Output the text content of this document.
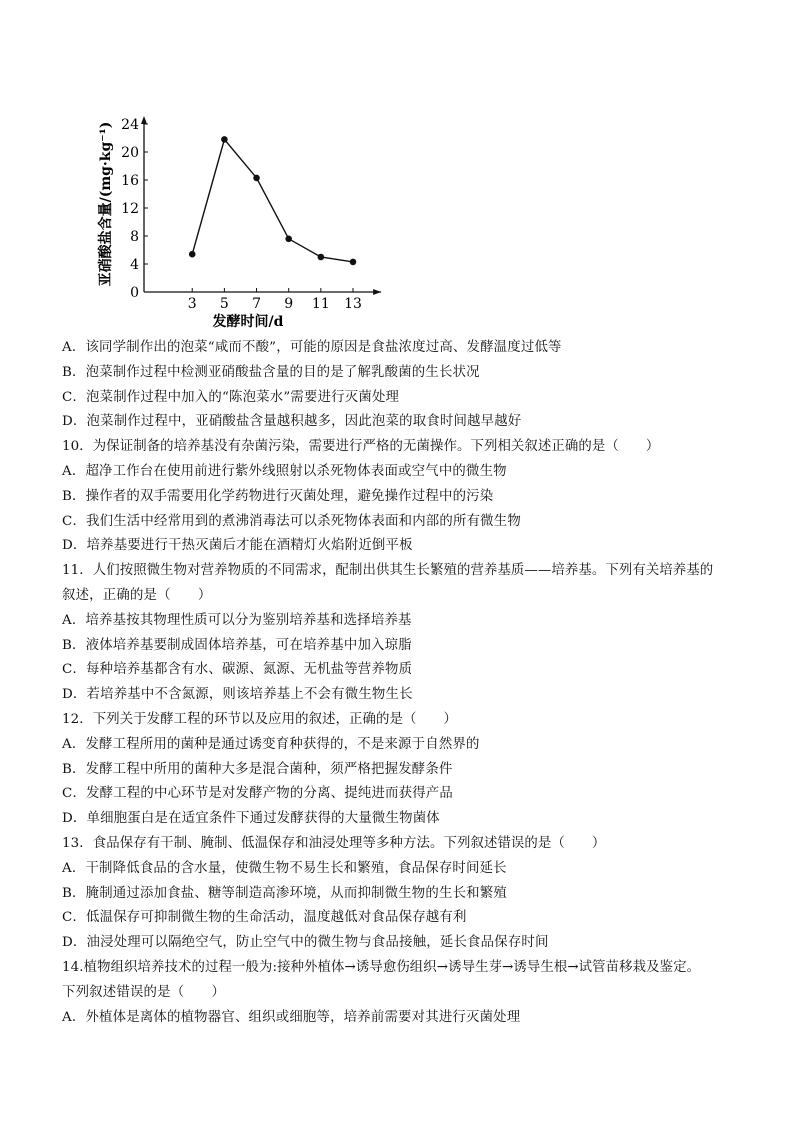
0
4
8
12
16
20
24
3 5 7 9 11 13
亚硝酸盐含量/(mg·kg⁻¹)
发酵时间/d
A．该同学制作出的泡菜“咸而不酸”，可能的原因是食盐浓度过高、发酵温度过低等
B．泡菜制作过程中检测亚硝酸盐含量的目的是了解乳酸菌的生长状况
C．泡菜制作过程中加入的“陈泡菜水”需要进行灭菌处理
D．泡菜制作过程中，亚硝酸盐含量越积越多，因此泡菜的取食时间越早越好
10．为保证制备的培养基没有杂菌污染，需要进行严格的无菌操作。下列相关叙述正确的是（　　）
A．超净工作台在使用前进行紫外线照射以杀死物体表面或空气中的微生物
B．操作者的双手需要用化学药物进行灭菌处理，避免操作过程中的污染
C．我们生活中经常用到的煮沸消毒法可以杀死物体表面和内部的所有微生物
D．培养基要进行干热灭菌后才能在酒精灯火焰附近倒平板
11．人们按照微生物对营养物质的不同需求，配制出供其生长繁殖的营养基质——培养基。下列有关培养基的
叙述，正确的是（　　）
A．培养基按其物理性质可以分为鉴别培养基和选择培养基
B．液体培养基要制成固体培养基，可在培养基中加入琼脂
C．每种培养基都含有水、碳源、氮源、无机盐等营养物质
D．若培养基中不含氮源，则该培养基上不会有微生物生长
12．下列关于发酵工程的环节以及应用的叙述，正确的是（　　）
A．发酵工程所用的菌种是通过诱变育种获得的，不是来源于自然界的
B．发酵工程中所用的菌种大多是混合菌种，须严格把握发酵条件
C．发酵工程的中心环节是对发酵产物的分离、提纯进而获得产品
D．单细胞蛋白是在适宜条件下通过发酵获得的大量微生物菌体
13．食品保存有干制、腌制、低温保存和油浸处理等多种方法。下列叙述错误的是（　　）
A．干制降低食品的含水量，使微生物不易生长和繁殖，食品保存时间延长
B．腌制通过添加食盐、糖等制造高渗环境，从而抑制微生物的生长和繁殖
C．低温保存可抑制微生物的生命活动，温度越低对食品保存越有利
D．油浸处理可以隔绝空气，防止空气中的微生物与食品接触，延长食品保存时间
14.植物组织培养技术的过程一般为:接种外植体→诱导愈伤组织→诱导生芽→诱导生根→试管苗移栽及鉴定。
下列叙述错误的是（　　）
A．外植体是离体的植物器官、组织或细胞等，培养前需要对其进行灭菌处理
